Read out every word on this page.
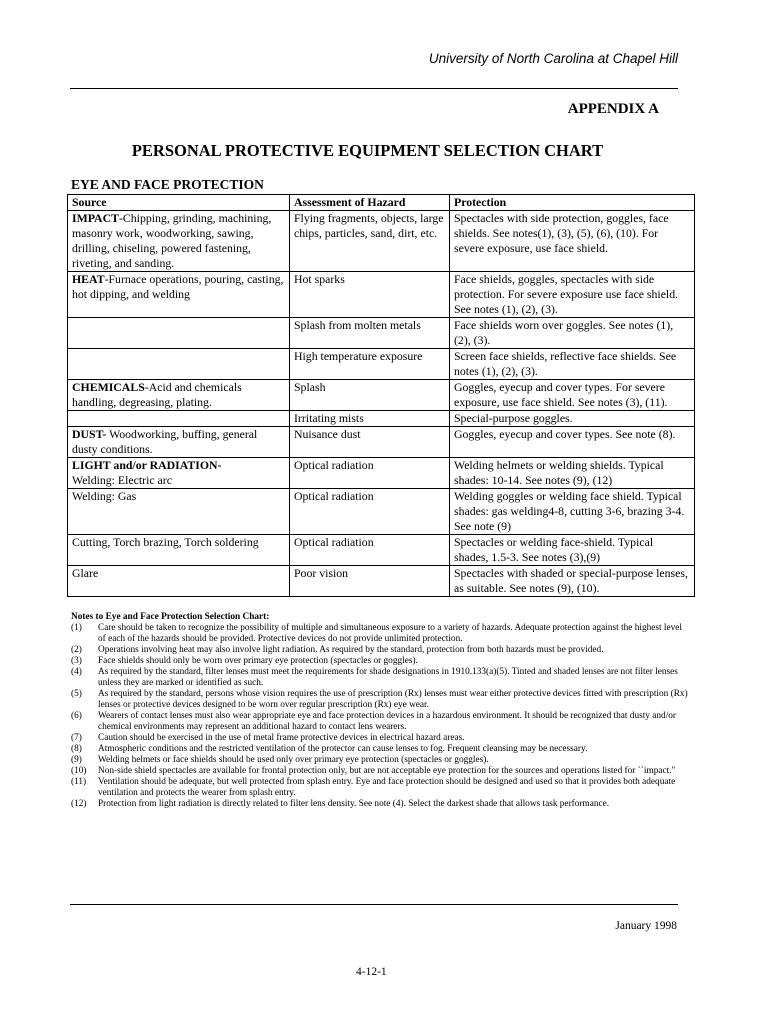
University of North Carolina at Chapel Hill
APPENDIX A
PERSONAL PROTECTIVE EQUIPMENT SELECTION CHART
EYE AND FACE PROTECTION
Source	Assessment of Hazard	Protection
IMPACT-Chipping, grinding, machining, masonry work, woodworking, sawing, drilling, chiseling, powered fastening, riveting, and sanding.	Flying fragments, objects, large chips, particles, sand, dirt, etc.	Spectacles with side protection, goggles, face shields. See notes(1), (3), (5), (6), (10). For severe exposure, use face shield.
HEAT-Furnace operations, pouring, casting, hot dipping, and welding	Hot sparks	Face shields, goggles, spectacles with side protection. For severe exposure use face shield. See notes (1), (2), (3).
	Splash from molten metals	Face shields worn over goggles. See notes (1), (2), (3).
	High temperature exposure	Screen face shields, reflective face shields. See notes (1), (2), (3).
CHEMICALS-Acid and chemicals handling, degreasing, plating.	Splash	Goggles, eyecup and cover types. For severe exposure, use face shield. See notes (3), (11).
	Irritating mists	Special-purpose goggles.
DUST- Woodworking, buffing, general dusty conditions.	Nuisance dust	Goggles, eyecup and cover types. See note (8).
LIGHT and/or RADIATION-
Welding: Electric arc	Optical radiation	Welding helmets or welding shields. Typical shades: 10-14. See notes (9), (12)
Welding: Gas	Optical radiation	Welding goggles or welding face shield. Typical shades: gas welding4-8, cutting 3-6, brazing 3-4. See note (9)
Cutting, Torch brazing, Torch soldering	Optical radiation	Spectacles or welding face-shield. Typical shades, 1.5-3. See notes (3),(9)
Glare	Poor vision	Spectacles with shaded or special-purpose lenses, as suitable. See notes (9), (10).
Notes to Eye and Face Protection Selection Chart:
(1)	Care should be taken to recognize the possibility of multiple and simultaneous exposure to a variety of hazards. Adequate protection against the highest level of each of the hazards should be provided. Protective devices do not provide unlimited protection.
(2)	Operations involving heat may also involve light radiation. As required by the standard, protection from both hazards must be provided.
(3)	Face shields should only be worn over primary eye protection (spectacles or goggles).
(4)	As required by the standard, filter lenses must meet the requirements for shade designations in 1910.133(a)(5). Tinted and shaded lenses are not filter lenses unless they are marked or identified as such.
(5)	As required by the standard, persons whose vision requires the use of prescription (Rx) lenses must wear either protective devices fitted with prescription (Rx) lenses or protective devices designed to be worn over regular prescription (Rx) eye wear.
(6)	Wearers of contact lenses must also wear appropriate eye and face protection devices in a hazardous environment. It should be recognized that dusty and/or chemical environments may represent an additional hazard to contact lens wearers.
(7)	Caution should be exercised in the use of metal frame protective devices in electrical hazard areas.
(8)	Atmospheric conditions and the restricted ventilation of the protector can cause lenses to fog. Frequent cleansing may be necessary.
(9)	Welding helmets or face shields should be used only over primary eye protection (spectacles or goggles).
(10)	Non-side shield spectacles are available for frontal protection only, but are not acceptable eye protection for the sources and operations listed for ``impact."
(11)	Ventilation should be adequate, but well protected from splash entry. Eye and face protection should be designed and used so that it provides both adequate ventilation and protects the wearer from splash entry.
(12)	Protection from light radiation is directly related to filter lens density. See note (4). Select the darkest shade that allows task performance.
January 1998
4-12-1
